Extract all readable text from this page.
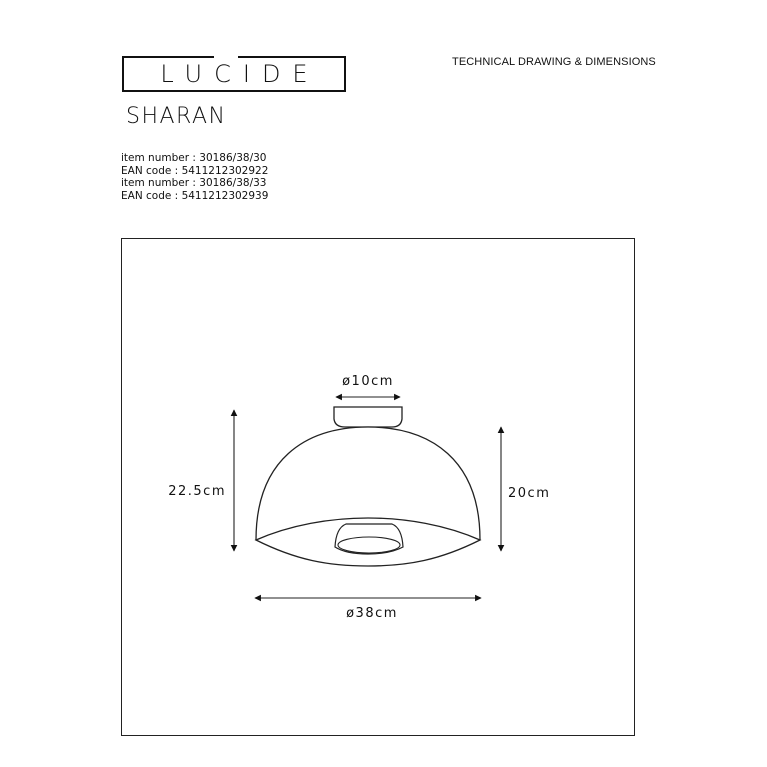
LUCIDE	TECHNICAL DRAWING & DIMENSIONS
SHARAN
item number : 30186/38/30
EAN code : 5411212302922
item number : 30186/38/33
EAN code : 5411212302939
ø10cm
22.5cm	20cm
ø38cm
